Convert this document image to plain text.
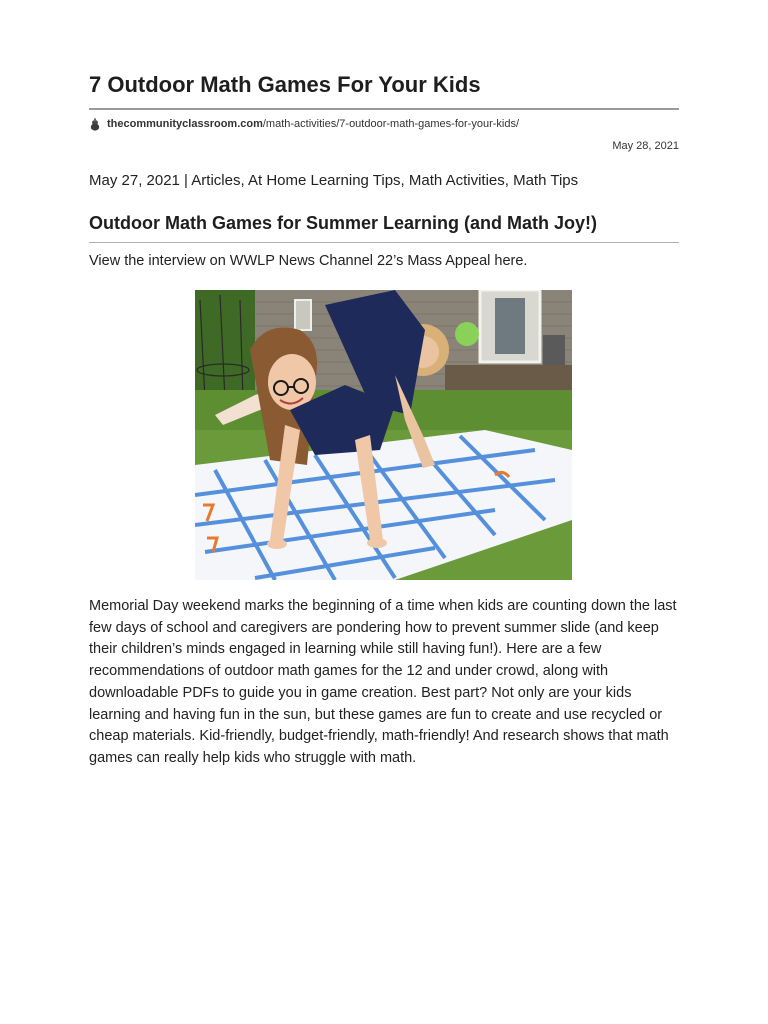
7 Outdoor Math Games For Your Kids
thecommunityclassroom.com /math-activities/7-outdoor-math-games-for-your-kids/
May 28, 2021
May 27, 2021 | Articles, At Home Learning Tips, Math Activities, Math Tips
Outdoor Math Games for Summer Learning (and Math Joy!)
View the interview on WWLP News Channel 22’s Mass Appeal here.

Memorial Day weekend marks the beginning of a time when kids are counting down the last few days of school and caregivers are pondering how to prevent summer slide (and keep their children’s minds engaged in learning while still having fun!). Here are a few recommendations of outdoor math games for the 12 and under crowd, along with downloadable PDFs to guide you in game creation. Best part? Not only are your kids learning and having fun in the sun, but these games are fun to create and use recycled or cheap materials. Kid-friendly, budget-friendly, math-friendly! And research shows that math games can really help kids who struggle with math.
